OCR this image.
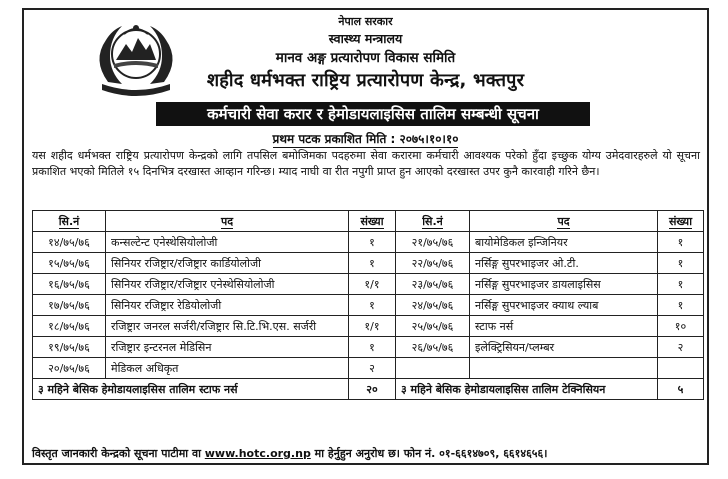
नेपाल सरकार
स्वास्थ्य मन्त्रालय
मानव अङ्ग प्रत्यारोपण विकास समिति
शहीद धर्मभक्त राष्ट्रिय प्रत्यारोपण केन्द्र, भक्तपुर
कर्मचारी सेवा करार र हेमोडायलाइसिस तालिम सम्बन्धी सूचना
प्रथम पटक प्रकाशित मिति : २०७५।१०।१०
यस शहीद धर्मभक्त राष्ट्रिय प्रत्यारोपण केन्द्रको लागि तपसिल बमोजिमका पदहरुमा सेवा करारमा कर्मचारी आवश्यक परेको हुँदा इच्छुक योग्य उमेदवारहरुले यो सूचना प्रकाशित भएको मितिले १५ दिनभित्र दरखास्त आव्हान गरिन्छ। म्याद नाघी वा रीत नपुगी प्राप्त हुन आएको दरखास्त उपर कुनै कारवाही गरिने छैन।
सि.नं	पद	संख्या	सि.नं	पद	संख्या
१४/७५/७६	कन्सल्टेन्ट एनेस्थेसियोलोजी	१	२१/७५/७६	बायोमेडिकल इन्जिनियर	१
१५/७५/७६	सिनियर रजिष्ट्रार/रजिष्ट्रार कार्डियोलोजी	१	२२/७५/७६	नर्सिङ्ग सुपरभाइजर ओ.टी.	१
१६/७५/७६	सिनियर रजिष्ट्रार/रजिष्ट्रार एनेस्थेसियोलोजी	१/१	२३/७५/७६	नर्सिङ्ग सुपरभाइजर डायलाइसिस	१
१७/७५/७६	सिनियर रजिष्ट्रार रेडियोलोजी	१	२४/७५/७६	नर्सिङ्ग सुपरभाइजर क्याथ ल्याब	१
१८/७५/७६	रजिष्ट्रार जनरल सर्जरी/रजिष्ट्रार सि.टि.भि.एस. सर्जरी	१/१	२५/७५/७६	स्टाफ नर्स	१०
१९/७५/७६	रजिष्ट्रार इन्टरनल मेडिसिन	१	२६/७५/७६	इलेक्ट्रिसियन/प्लम्बर	२
२०/७५/७६	मेडिकल अधिकृत	२			
३ महिने बेसिक हेमोडायलाइसिस तालिम स्टाफ नर्स		२०	३ महिने बेसिक हेमोडायलाइसिस तालिम टेक्निसियन		५
विस्तृत जानकारी केन्द्रको सूचना पाटीमा वा www.hotc.org.np मा हेर्नुहुन अनुरोध छ। फोन नं. ०१-६६१४७०९, ६६१४६५६।
